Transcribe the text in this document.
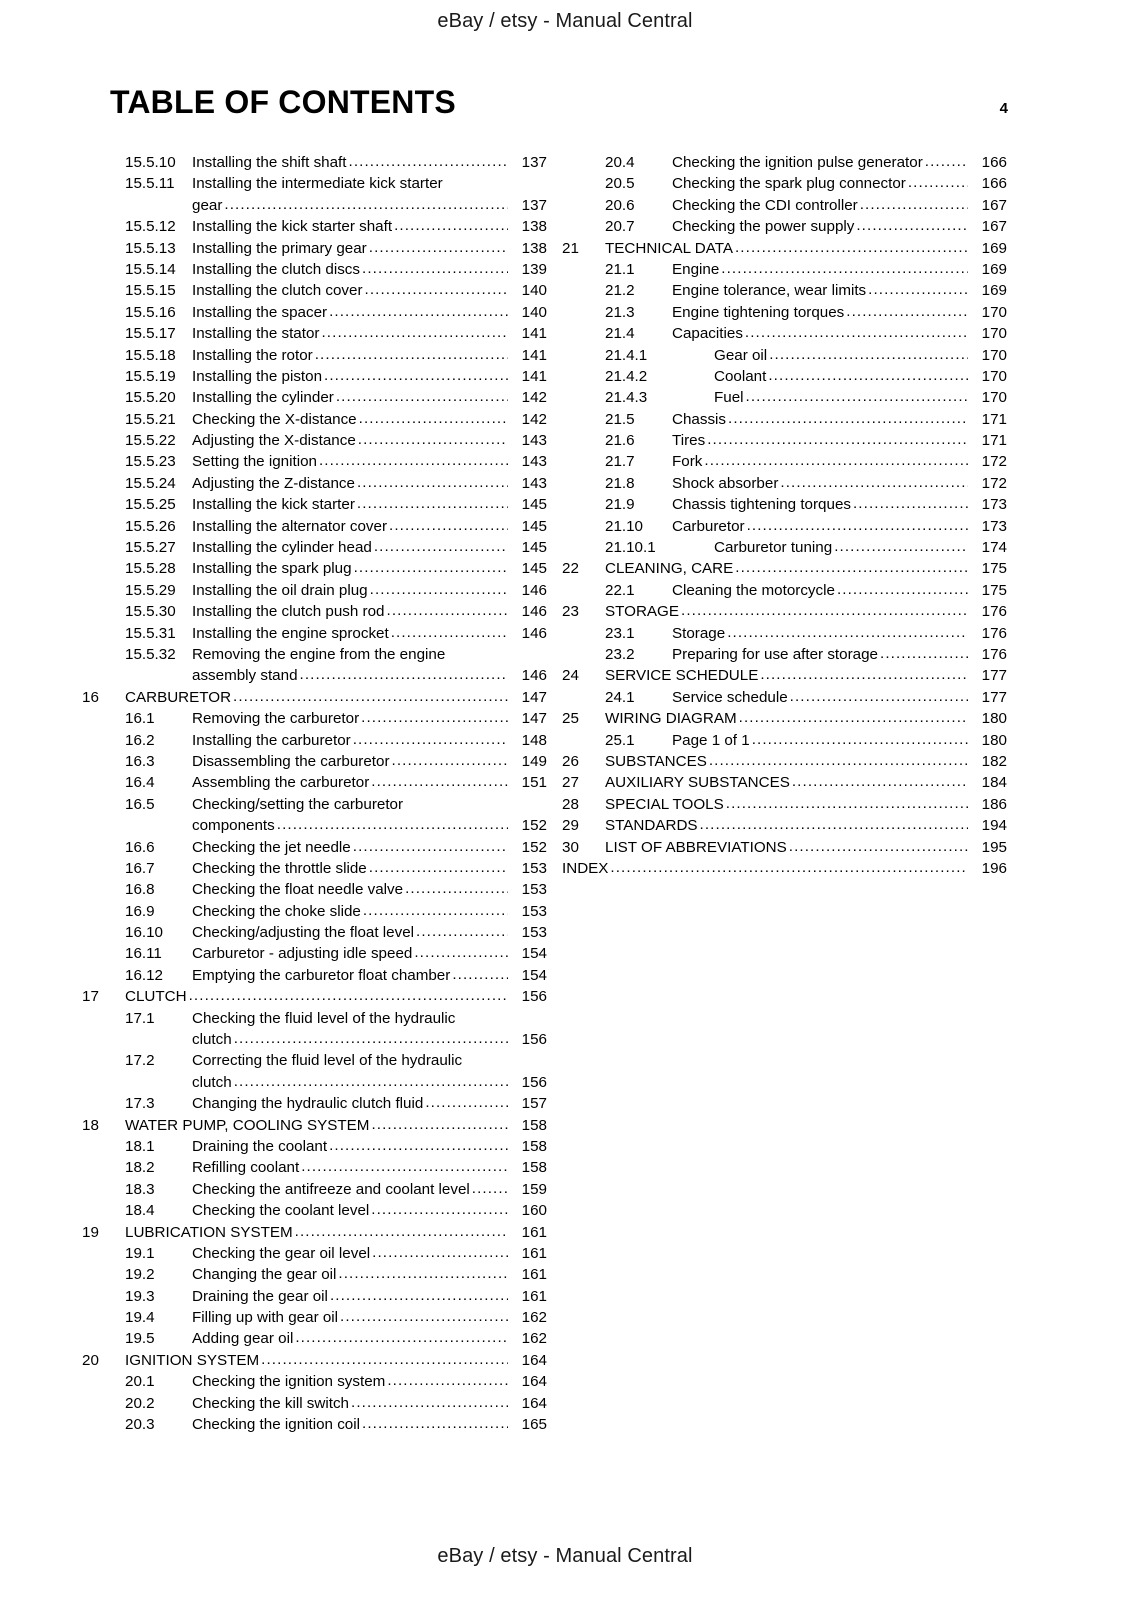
eBay / etsy - Manual Central
TABLE OF CONTENTS	4
15.5.10 Installing the shift shaft .....	137
15.5.11 Installing the intermediate kick starter
gear .....	137
15.5.12 Installing the kick starter shaft .....	138
15.5.13 Installing the primary gear .....	138
15.5.14 Installing the clutch discs .....	139
15.5.15 Installing the clutch cover .....	140
15.5.16 Installing the spacer .....	140
15.5.17 Installing the stator .....	141
15.5.18 Installing the rotor .....	141
15.5.19 Installing the piston .....	141
15.5.20 Installing the cylinder .....	142
15.5.21 Checking the X-distance .....	142
15.5.22 Adjusting the X-distance .....	143
15.5.23 Setting the ignition .....	143
15.5.24 Adjusting the Z-distance .....	143
15.5.25 Installing the kick starter .....	145
15.5.26 Installing the alternator cover .....	145
15.5.27 Installing the cylinder head .....	145
15.5.28 Installing the spark plug .....	145
15.5.29 Installing the oil drain plug .....	146
15.5.30 Installing the clutch push rod .....	146
15.5.31 Installing the engine sprocket .....	146
15.5.32 Removing the engine from the engine
assembly stand .....	146
16 CARBURETOR .....	147
16.1 Removing the carburetor .....	147
16.2 Installing the carburetor .....	148
16.3 Disassembling the carburetor .....	149
16.4 Assembling the carburetor .....	151
16.5 Checking/setting the carburetor
components .....	152
16.6 Checking the jet needle .....	152
16.7 Checking the throttle slide .....	153
16.8 Checking the float needle valve .....	153
16.9 Checking the choke slide .....	153
16.10 Checking/adjusting the float level .....	153
16.11 Carburetor - adjusting idle speed .....	154
16.12 Emptying the carburetor float chamber .....	154
17 CLUTCH .....	156
17.1 Checking the fluid level of the hydraulic
clutch .....	156
17.2 Correcting the fluid level of the hydraulic
clutch .....	156
17.3 Changing the hydraulic clutch fluid .....	157
18 WATER PUMP, COOLING SYSTEM .....	158
18.1 Draining the coolant .....	158
18.2 Refilling coolant .....	158
18.3 Checking the antifreeze and coolant level .....	159
18.4 Checking the coolant level .....	160
19 LUBRICATION SYSTEM .....	161
19.1 Checking the gear oil level .....	161
19.2 Changing the gear oil .....	161
19.3 Draining the gear oil .....	161
19.4 Filling up with gear oil .....	162
19.5 Adding gear oil .....	162
20 IGNITION SYSTEM .....	164
20.1 Checking the ignition system .....	164
20.2 Checking the kill switch .....	164
20.3 Checking the ignition coil .....	165
20.4 Checking the ignition pulse generator .....	166
20.5 Checking the spark plug connector .....	166
20.6 Checking the CDI controller .....	167
20.7 Checking the power supply .....	167
21 TECHNICAL DATA .....	169
21.1 Engine .....	169
21.2 Engine tolerance, wear limits .....	169
21.3 Engine tightening torques .....	170
21.4 Capacities .....	170
21.4.1	Gear oil .....	170
21.4.2	Coolant .....	170
21.4.3	Fuel .....	170
21.5 Chassis .....	171
21.6 Tires .....	171
21.7 Fork .....	172
21.8 Shock absorber .....	172
21.9 Chassis tightening torques .....	173
21.10 Carburetor .....	173
21.10.1	Carburetor tuning .....	174
22 CLEANING, CARE .....	175
22.1 Cleaning the motorcycle .....	175
23 STORAGE .....	176
23.1 Storage .....	176
23.2 Preparing for use after storage .....	176
24 SERVICE SCHEDULE .....	177
24.1 Service schedule .....	177
25 WIRING DIAGRAM .....	180
25.1 Page 1 of 1 .....	180
26 SUBSTANCES .....	182
27 AUXILIARY SUBSTANCES .....	184
28 SPECIAL TOOLS .....	186
29 STANDARDS .....	194
30 LIST OF ABBREVIATIONS .....	195
INDEX .....	196
eBay / etsy - Manual Central
